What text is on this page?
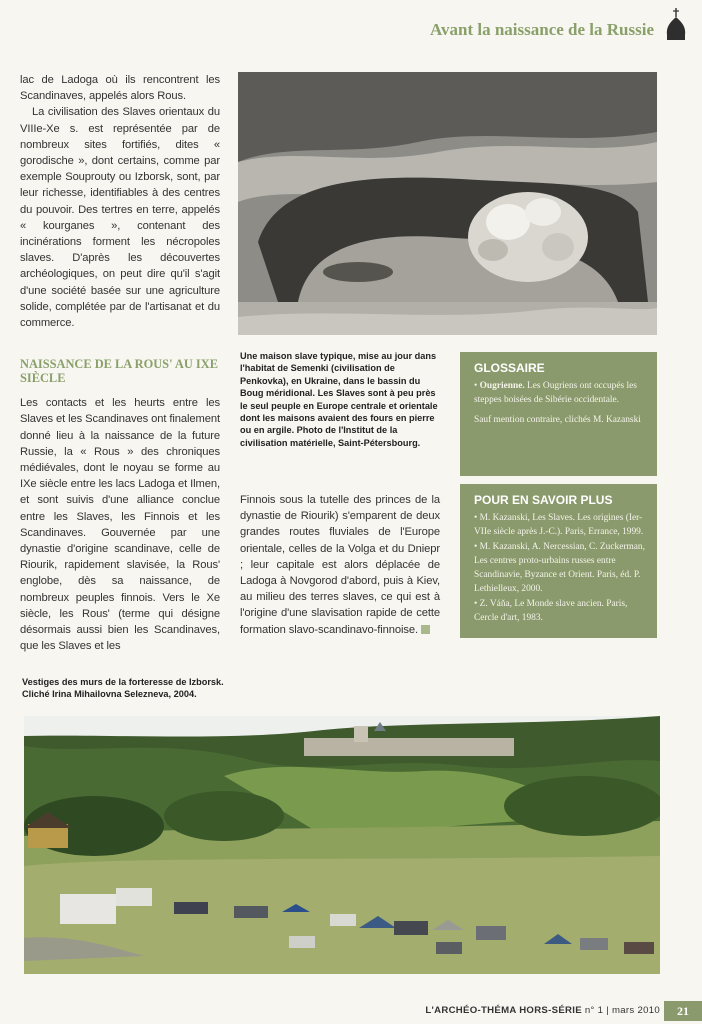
Avant la naissance de la Russie

lac de Ladoga où ils rencontrent les Scandinaves, appelés alors Rous.

La civilisation des Slaves orientaux du VIIIe-Xe s. est représentée par de nombreux sites fortifiés, dites « gorodische », dont certains, comme par exemple Souprouty ou Izborsk, sont, par leur richesse, identifiables à des centres du pouvoir. Des tertres en terre, appelés « kourganes », contenant des incinérations forment les nécropoles slaves. D'après les découvertes archéologiques, on peut dire qu'il s'agit d'une société basée sur une agriculture solide, complétée par de l'artisanat et du commerce.

NAISSANCE DE LA ROUS' AU IXE SIÈCLE

Les contacts et les heurts entre les Slaves et les Scandinaves ont finalement donné lieu à la naissance de la future Russie, la « Rous » des chroniques médiévales, dont le noyau se forme au IXe siècle entre les lacs Ladoga et Ilmen, et sont suivis d'une alliance conclue entre les Slaves, les Finnois et les Scandinaves. Gouvernée par une dynastie d'origine scandinave, celle de Riourik, rapidement slavisée, la Rous' englobe, dès sa naissance, de nombreux peuples finnois. Vers le Xe siècle, les Rous' (terme qui désigne désormais aussi bien les Scandinaves, que les Slaves et les

Une maison slave typique, mise au jour dans l'habitat de Semenki (civilisation de Penkovka), en Ukraine, dans le bassin du Boug méridional. Les Slaves sont à peu près le seul peuple en Europe centrale et orientale dont les maisons avaient des fours en pierre ou en argile. Photo de l'Institut de la civilisation matérielle, Saint-Pétersbourg.

Finnois sous la tutelle des princes de la dynastie de Riourik) s'emparent de deux grandes routes fluviales de l'Europe orientale, celles de la Volga et du Dniepr ; leur capitale est alors déplacée de Ladoga à Novgorod d'abord, puis à Kiev, au milieu des terres slaves, ce qui est à l'origine d'une slavisation rapide de cette formation slavo-scandinavo-finnoise.

GLOSSAIRE

• Ougrienne. Les Ougriens ont occupés les steppes boisées de Sibérie occidentale.

Sauf mention contraire, clichés M. Kazanski

POUR EN SAVOIR PLUS
• M. Kazanski, Les Slaves. Les origines (Ier-VIIe siècle après J.-C.). Paris, Errance, 1999.
• M. Kazanski, A. Nercessian, C. Zuckerman, Les centres proto-urbains russes entre Scandinavie, Byzance et Orient. Paris, éd. P. Lethielleux, 2000.
• Z. Váňa, Le Monde slave ancien. Paris, Cercle d'art, 1983.
Vestiges des murs de la forteresse de Izborsk. Cliché Irina Mihailovna Selezneva, 2004.
L'ARCHÉO-THÉMA HORS-SÉRIE n° 1 | mars 2010	21
